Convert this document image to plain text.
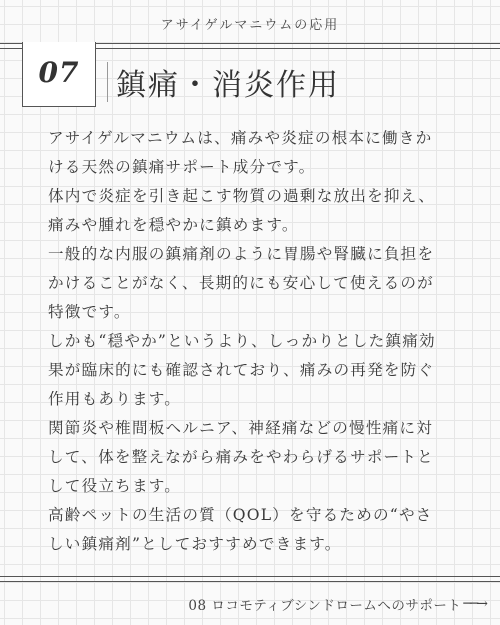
アサイゲルマニウムの応用
07	鎮痛・消炎作用
アサイゲルマニウムは、痛みや炎症の根本に働きか
ける天然の鎮痛サポート成分です。
体内で炎症を引き起こす物質の過剰な放出を抑え、
痛みや腫れを穏やかに鎮めます。
一般的な内服の鎮痛剤のように胃腸や腎臓に負担を
かけることがなく、長期的にも安心して使えるのが
特徴です。
しかも“穏やか”というより、しっかりとした鎮痛効
果が臨床的にも確認されており、痛みの再発を防ぐ
作用もあります。
関節炎や椎間板ヘルニア、神経痛などの慢性痛に対
して、体を整えながら痛みをやわらげるサポートと
して役立ちます。
高齢ペットの生活の質（QOL）を守るための“やさ
しい鎮痛剤”としておすすめできます。
08 ロコモティブシンドロームへのサポート ──→
